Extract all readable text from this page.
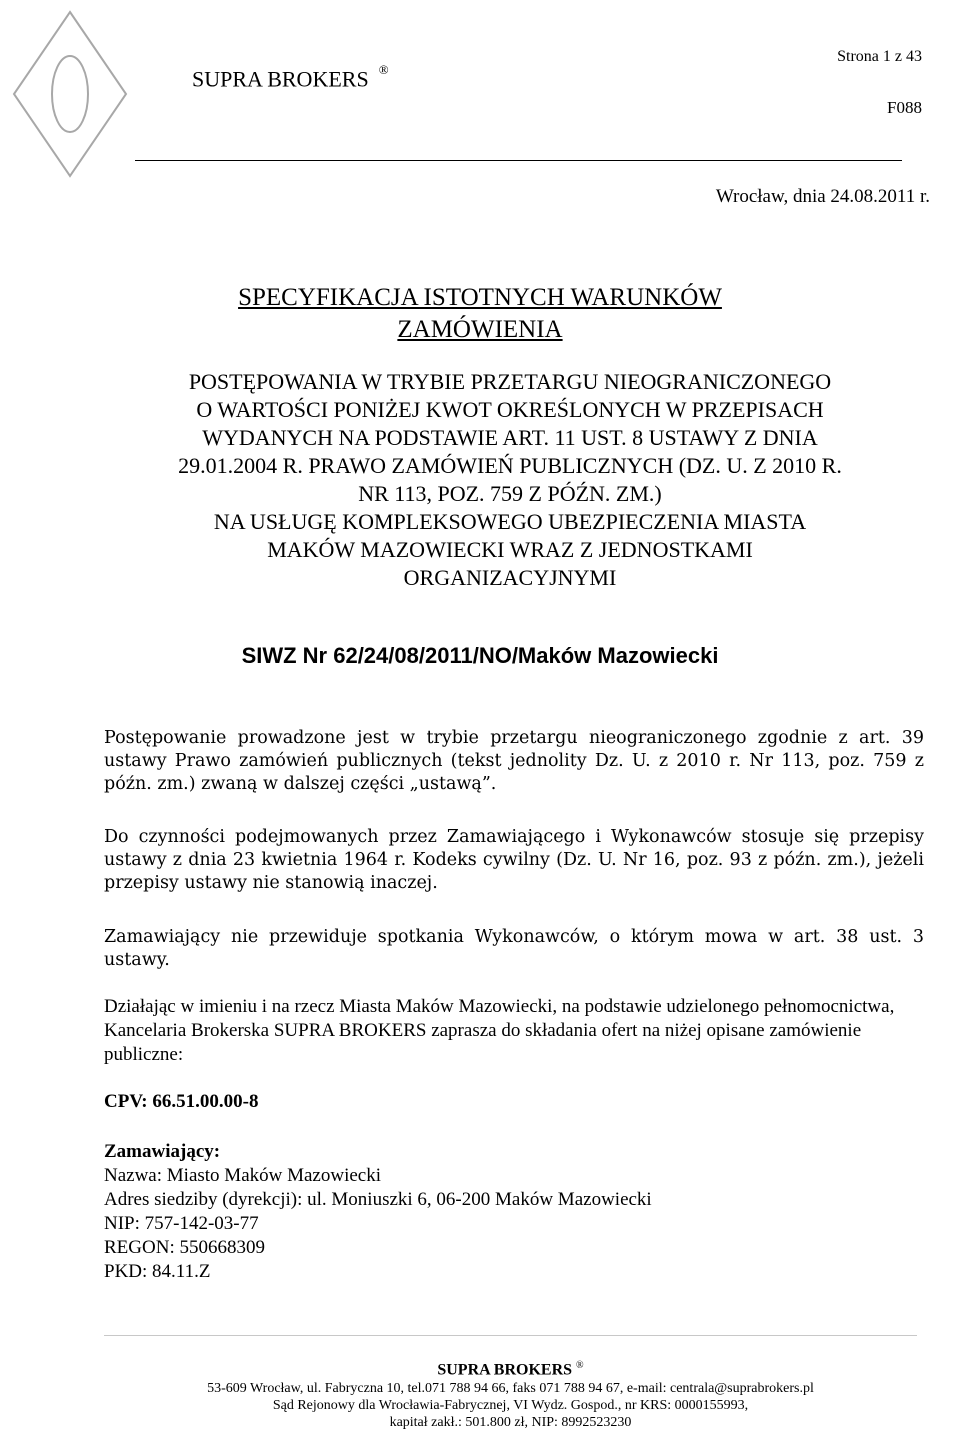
SUPRA BROKERS ®
Strona 1 z 43
F088
Wrocław, dnia 24.08.2011 r.
SPECYFIKACJA ISTOTNYCH WARUNKÓW
ZAMÓWIENIA
POSTĘPOWANIA W TRYBIE PRZETARGU NIEOGRANICZONEGO
O WARTOŚCI PONIŻEJ KWOT OKREŚLONYCH W PRZEPISACH
WYDANYCH NA PODSTAWIE ART. 11 UST. 8 USTAWY Z DNIA
29.01.2004 R. PRAWO ZAMÓWIEŃ PUBLICZNYCH (DZ. U. Z 2010 R.
NR 113, POZ. 759 Z PÓŹN. ZM.)
NA USŁUGĘ KOMPLEKSOWEGO UBEZPIECZENIA MIASTA
MAKÓW MAZOWIECKI WRAZ Z JEDNOSTKAMI
ORGANIZACYJNYMI
SIWZ Nr 62/24/08/2011/NO/Maków Mazowiecki
Postępowanie prowadzone jest w trybie przetargu nieograniczonego zgodnie z art. 39 ustawy Prawo zamówień publicznych (tekst jednolity Dz. U. z 2010 r. Nr 113, poz. 759 z późn. zm.) zwaną w dalszej części „ustawą”.
Do czynności podejmowanych przez Zamawiającego i Wykonawców stosuje się przepisy ustawy z dnia 23 kwietnia 1964 r. Kodeks cywilny (Dz. U. Nr 16, poz. 93 z późn. zm.), jeżeli przepisy ustawy nie stanowią inaczej.
Zamawiający nie przewiduje spotkania Wykonawców, o którym mowa w art. 38 ust. 3 ustawy.
Działając w imieniu i na rzecz Miasta Maków Mazowiecki, na podstawie udzielonego pełnomocnictwa, Kancelaria Brokerska SUPRA BROKERS zaprasza do składania ofert na niżej opisane zamówienie publiczne:
CPV: 66.51.00.00-8
Zamawiający:
Nazwa: Miasto Maków Mazowiecki
Adres siedziby (dyrekcji): ul. Moniuszki 6, 06-200 Maków Mazowiecki
NIP: 757-142-03-77
REGON: 550668309
PKD: 84.11.Z
SUPRA BROKERS ®
53-609 Wrocław, ul. Fabryczna 10, tel.071 788 94 66, faks 071 788 94 67, e-mail: centrala@suprabrokers.pl
Sąd Rejonowy dla Wrocławia-Fabrycznej, VI Wydz. Gospod., nr KRS: 0000155993,
kapitał zakł.: 501.800 zł, NIP: 8992523230
